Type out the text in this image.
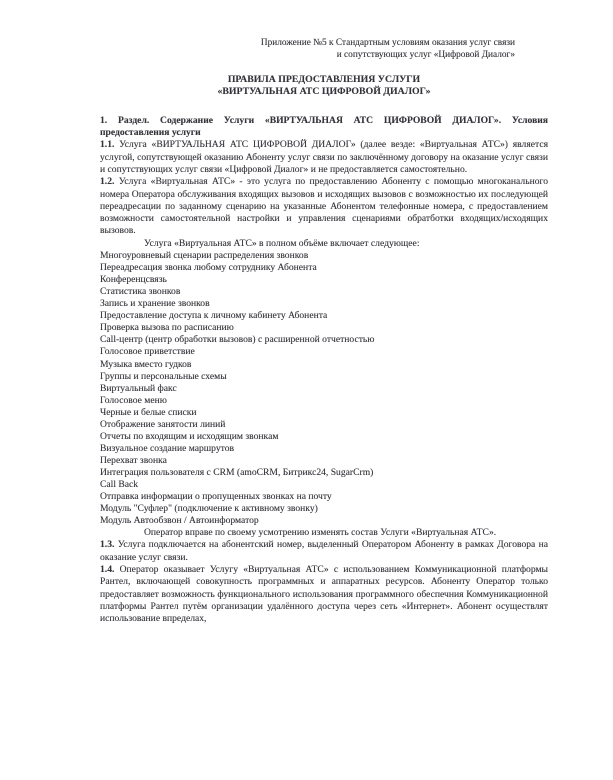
Приложение №5 к Стандартным условиям оказания услуг связи
и сопутствующих услуг «Цифровой Диалог»
ПРАВИЛА ПРЕДОСТАВЛЕНИЯ УСЛУГИ
«ВИРТУАЛЬНАЯ АТС ЦИФРОВОЙ ДИАЛОГ»
1. Раздел. Содержание Услуги «ВИРТУАЛЬНАЯ АТС ЦИФРОВОЙ ДИАЛОГ». Условия предоставления услуги

1.1. Услуга «ВИРТУАЛЬНАЯ АТС ЦИФРОВОЙ ДИАЛОГ» (далее везде: «Виртуальная АТС») является услугой, сопутствующей оказанию Абоненту услуг связи по заключённому договору на оказание услуг связи и сопутствующих услуг связи «Цифровой Диалог» и не предоставляется самостоятельно.

1.2. Услуга «Виртуальная АТС» - это услуга по предоставлению Абоненту с помощью многоканального номера Оператора обслуживания входящих вызовов и исходящих вызовов с возможностью их последующей переадресации по заданному сценарию на указанные Абонентом телефонные номера, с предоставлением возможности самостоятельной настройки и управления сценариями обратботки входящих/исходящих вызовов.

Услуга «Виртуальная АТС» в полном объёме включает следующее:

Многоуровневый сценарии распределения звонков
Переадресация звонка любому сотруднику Абонента
Конференцсвязь
Статистика звонков
Запись и хранение звонков
Предоставление доступа к личному кабинету Абонента
Проверка вызова по расписанию
Call-центр (центр обработки вызовов) с расширенной отчетностью
Голосовое приветствие
Музыка вместо гудков
Группы и персональные схемы
Виртуальный факс
Голосовое меню
Черные и белые списки
Отображение занятости линий
Отчеты по входящим и исходящим звонкам
Визуальное создание маршрутов
Перехват звонка
Интеграция пользователя с CRM (amoCRM, Битрикс24, SugarCrm)
Call Back
Отправка информации о пропущенных звонках на почту
Модуль "Суфлер" (подключение к активному звонку)
Модуль Автообзвон / Автоинформатор

Оператор вправе по своему усмотрению изменять состав Услуги «Виртуальная АТС».

1.3. Услуга подключается на абонентский номер, выделенный Оператором Абоненту в рамках Договора на оказание услуг связи.

1.4. Оператор оказывает Услугу «Виртуальная АТС» с использованием Коммуникационной платформы Рантел, включающей совокупность программных и аппаратных ресурсов. Абоненту Оператор только предоставляет возможность функционального использования программного обеспечния Коммуникационной платформы Рантел путём организации удалённого доступа через сеть «Интернет». Абонент осуществлят использование впределах,
